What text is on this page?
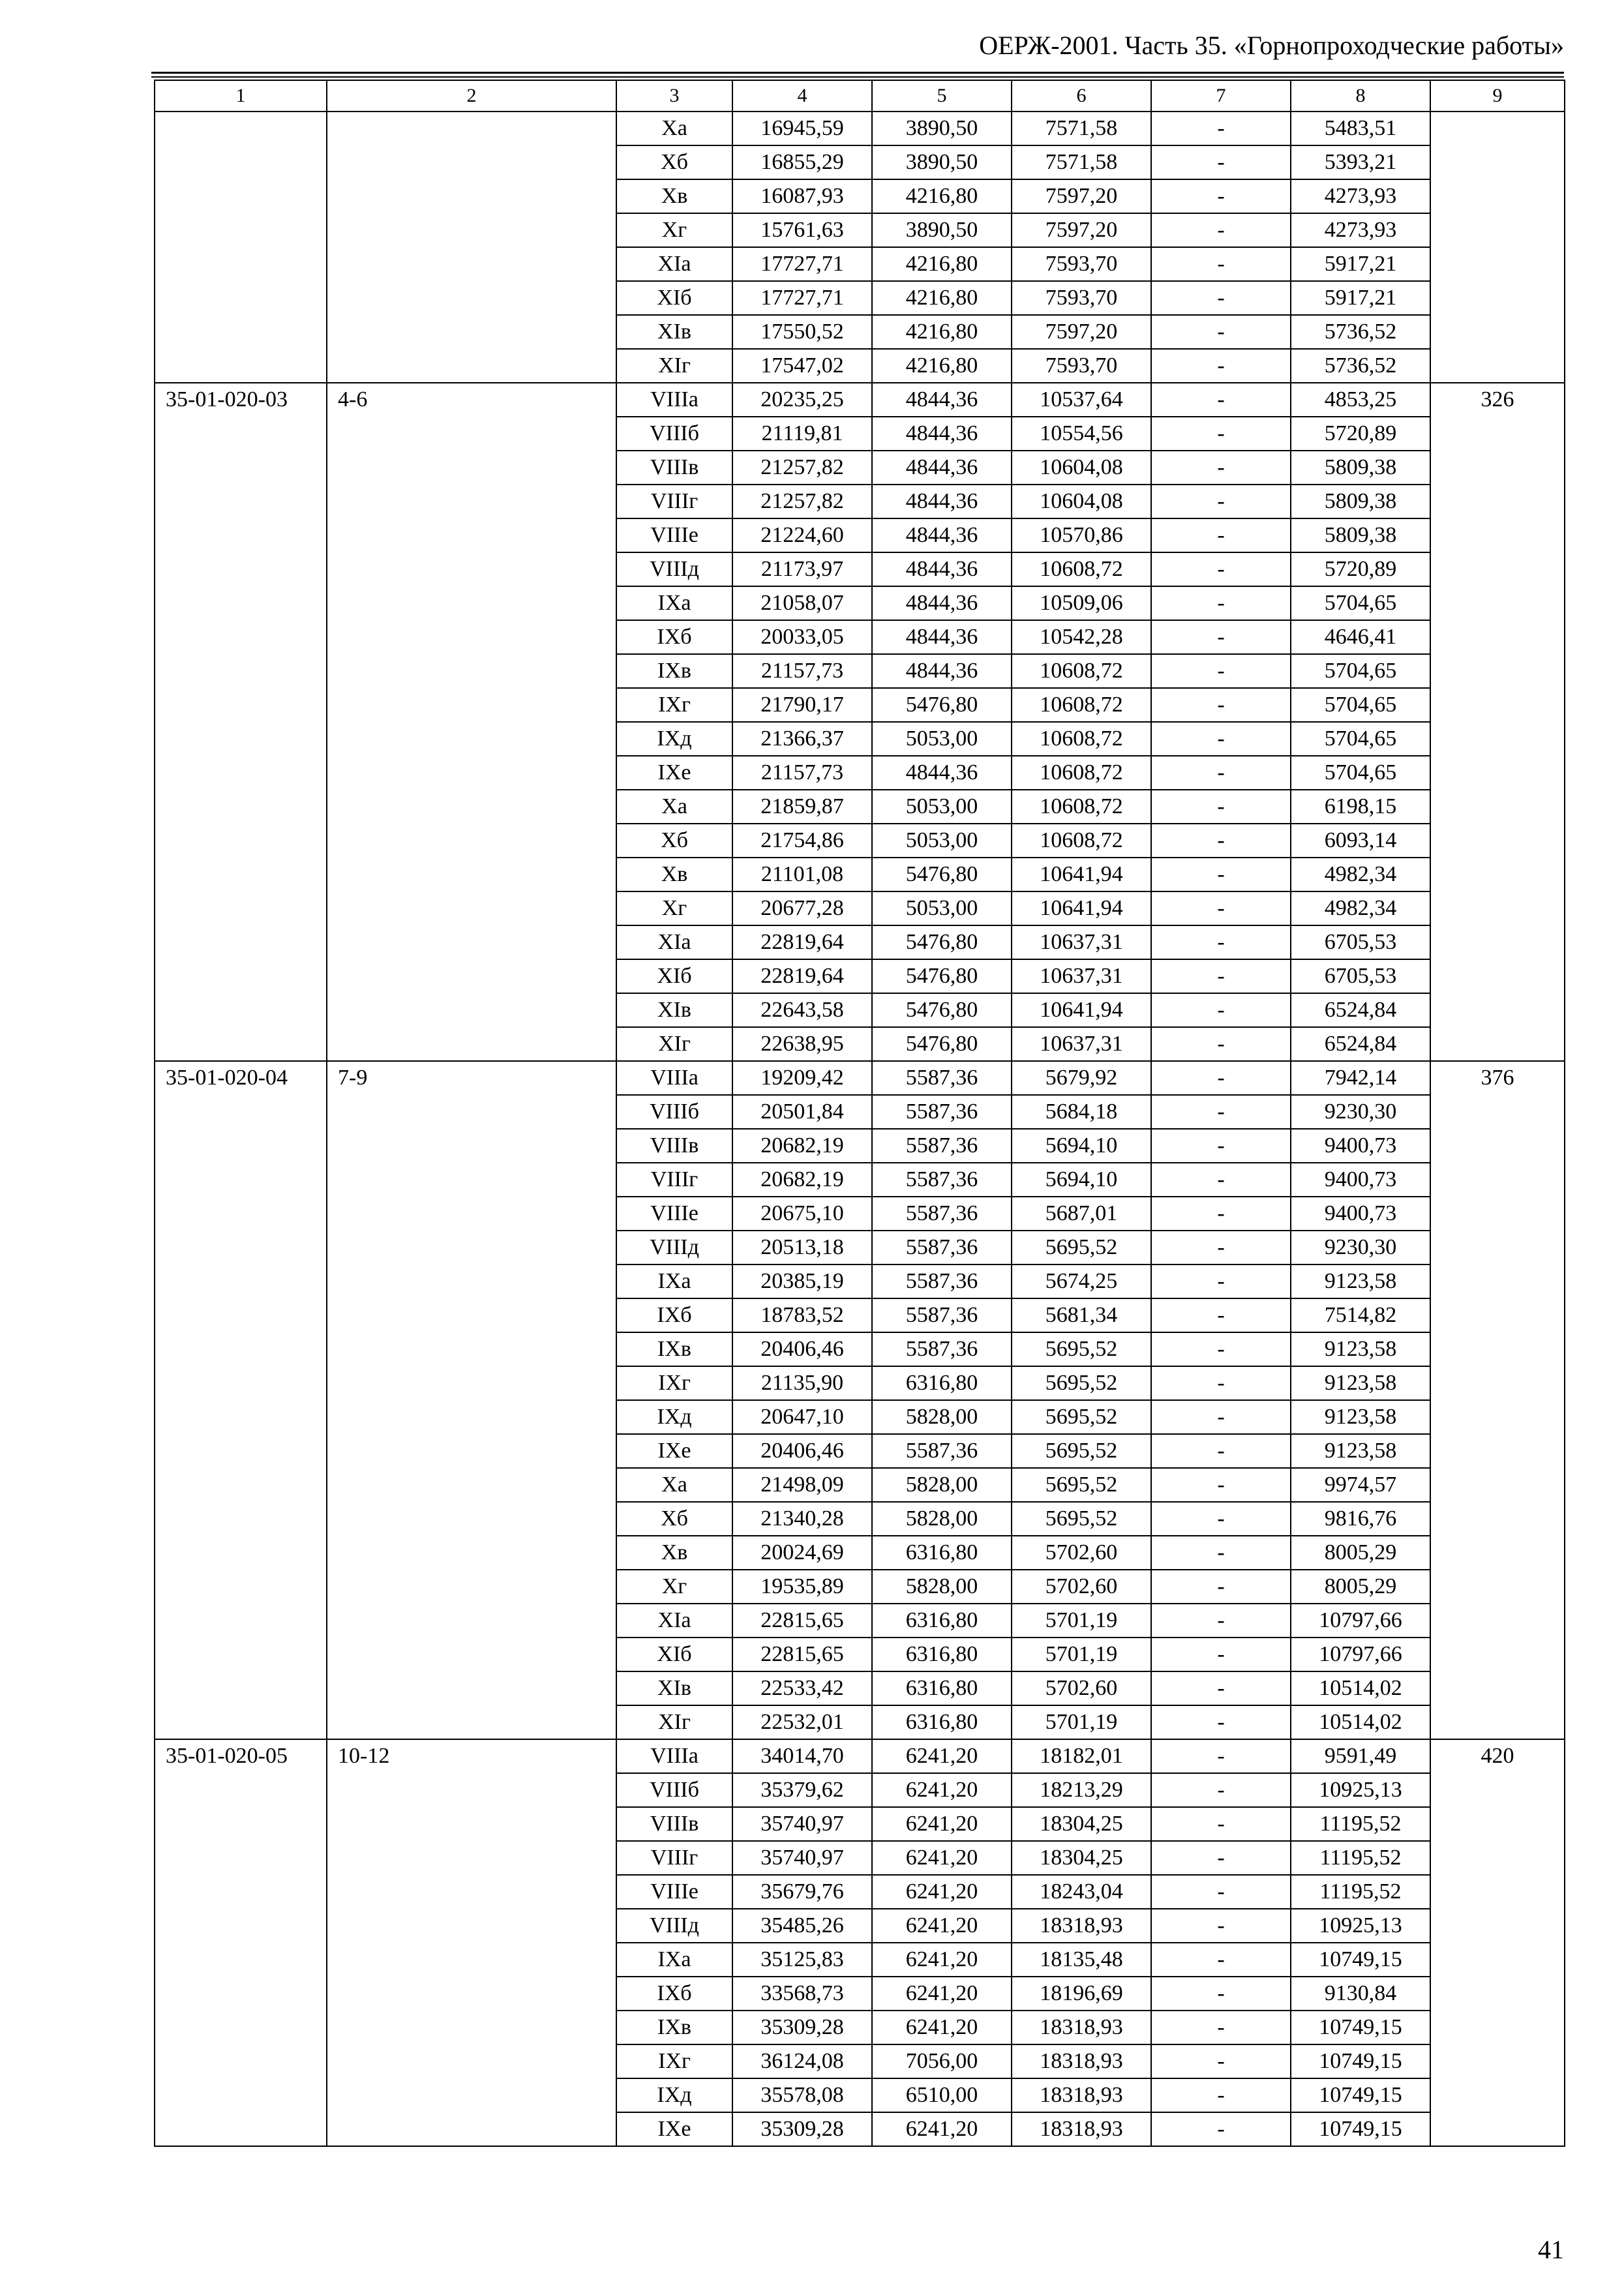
ОЕРЖ-2001. Часть 35. «Горнопроходческие работы»
1	2	3	4	5	6	7	8	9
		Xа	16945,59	3890,50	7571,58	-	5483,51	
		Xб	16855,29	3890,50	7571,58	-	5393,21	
		Xв	16087,93	4216,80	7597,20	-	4273,93	
		Xг	15761,63	3890,50	7597,20	-	4273,93	
		XIа	17727,71	4216,80	7593,70	-	5917,21	
		XIб	17727,71	4216,80	7593,70	-	5917,21	
		XIв	17550,52	4216,80	7597,20	-	5736,52	
		XIг	17547,02	4216,80	7593,70	-	5736,52	
35-01-020-03	4-6	VIIIа	20235,25	4844,36	10537,64	-	4853,25	326
		VIIIб	21119,81	4844,36	10554,56	-	5720,89	
		VIIIв	21257,82	4844,36	10604,08	-	5809,38	
		VIIIг	21257,82	4844,36	10604,08	-	5809,38	
		VIIIе	21224,60	4844,36	10570,86	-	5809,38	
		VIIIд	21173,97	4844,36	10608,72	-	5720,89	
		IXа	21058,07	4844,36	10509,06	-	5704,65	
		IXб	20033,05	4844,36	10542,28	-	4646,41	
		IXв	21157,73	4844,36	10608,72	-	5704,65	
		IXг	21790,17	5476,80	10608,72	-	5704,65	
		IXд	21366,37	5053,00	10608,72	-	5704,65	
		IXе	21157,73	4844,36	10608,72	-	5704,65	
		Xа	21859,87	5053,00	10608,72	-	6198,15	
		Xб	21754,86	5053,00	10608,72	-	6093,14	
		Xв	21101,08	5476,80	10641,94	-	4982,34	
		Xг	20677,28	5053,00	10641,94	-	4982,34	
		XIа	22819,64	5476,80	10637,31	-	6705,53	
		XIб	22819,64	5476,80	10637,31	-	6705,53	
		XIв	22643,58	5476,80	10641,94	-	6524,84	
		XIг	22638,95	5476,80	10637,31	-	6524,84	
35-01-020-04	7-9	VIIIа	19209,42	5587,36	5679,92	-	7942,14	376
		VIIIб	20501,84	5587,36	5684,18	-	9230,30	
		VIIIв	20682,19	5587,36	5694,10	-	9400,73	
		VIIIг	20682,19	5587,36	5694,10	-	9400,73	
		VIIIе	20675,10	5587,36	5687,01	-	9400,73	
		VIIIд	20513,18	5587,36	5695,52	-	9230,30	
		IXа	20385,19	5587,36	5674,25	-	9123,58	
		IXб	18783,52	5587,36	5681,34	-	7514,82	
		IXв	20406,46	5587,36	5695,52	-	9123,58	
		IXг	21135,90	6316,80	5695,52	-	9123,58	
		IXд	20647,10	5828,00	5695,52	-	9123,58	
		IXе	20406,46	5587,36	5695,52	-	9123,58	
		Xа	21498,09	5828,00	5695,52	-	9974,57	
		Xб	21340,28	5828,00	5695,52	-	9816,76	
		Xв	20024,69	6316,80	5702,60	-	8005,29	
		Xг	19535,89	5828,00	5702,60	-	8005,29	
		XIа	22815,65	6316,80	5701,19	-	10797,66	
		XIб	22815,65	6316,80	5701,19	-	10797,66	
		XIв	22533,42	6316,80	5702,60	-	10514,02	
		XIг	22532,01	6316,80	5701,19	-	10514,02	
35-01-020-05	10-12	VIIIа	34014,70	6241,20	18182,01	-	9591,49	420
		VIIIб	35379,62	6241,20	18213,29	-	10925,13	
		VIIIв	35740,97	6241,20	18304,25	-	11195,52	
		VIIIг	35740,97	6241,20	18304,25	-	11195,52	
		VIIIе	35679,76	6241,20	18243,04	-	11195,52	
		VIIIд	35485,26	6241,20	18318,93	-	10925,13	
		IXа	35125,83	6241,20	18135,48	-	10749,15	
		IXб	33568,73	6241,20	18196,69	-	9130,84	
		IXв	35309,28	6241,20	18318,93	-	10749,15	
		IXг	36124,08	7056,00	18318,93	-	10749,15	
		IXд	35578,08	6510,00	18318,93	-	10749,15	
		IXе	35309,28	6241,20	18318,93	-	10749,15	
41
